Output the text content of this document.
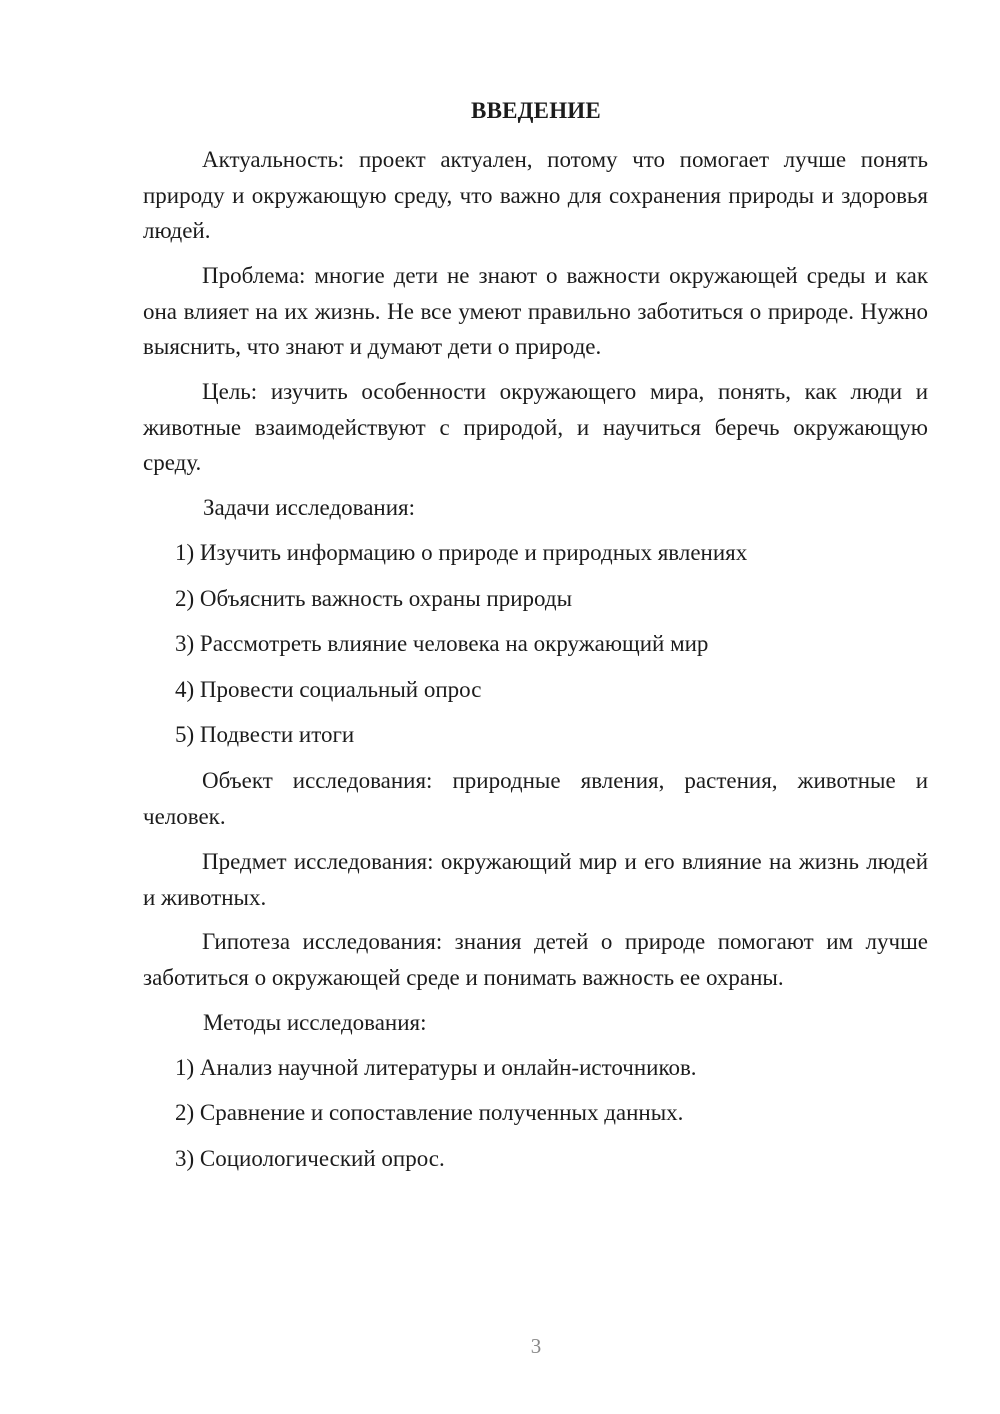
ВВЕДЕНИЕ

Актуальность: проект актуален, потому что помогает лучше понять природу и окружающую среду, что важно для сохранения природы и здоровья людей.

Проблема: многие дети не знают о важности окружающей среды и как она влияет на их жизнь. Не все умеют правильно заботиться о природе. Нужно выяснить, что знают и думают дети о природе.

Цель: изучить особенности окружающего мира, понять, как люди и животные взаимодействуют с природой, и научиться беречь окружающую среду.

Задачи исследования:
1) Изучить информацию о природе и природных явлениях
2) Объяснить важность охраны природы
3) Рассмотреть влияние человека на окружающий мир
4) Провести социальный опрос
5) Подвести итоги

Объект исследования: природные явления, растения, животные и человек.

Предмет исследования: окружающий мир и его влияние на жизнь людей и животных.

Гипотеза исследования: знания детей о природе помогают им лучше заботиться о окружающей среде и понимать важность ее охраны.

Методы исследования:
1) Анализ научной литературы и онлайн-источников.
2) Сравнение и сопоставление полученных данных.
3) Социологический опрос.
3
